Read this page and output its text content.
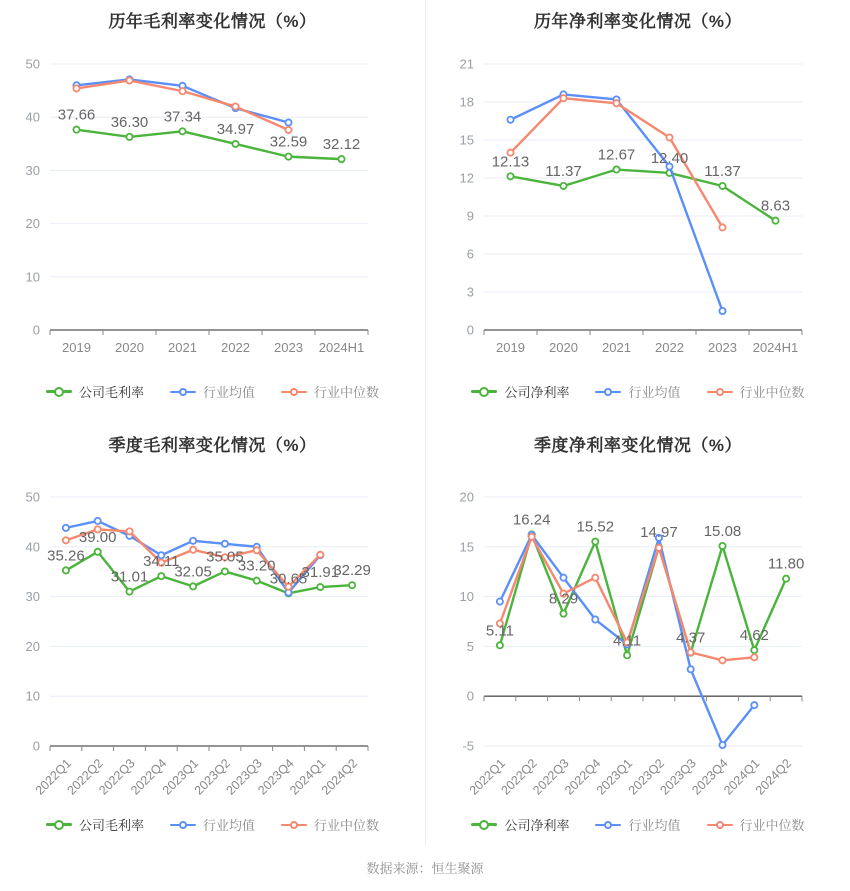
历年毛利率变化情况（%）
0
10
20
30
40
50
2019 2020 2021 2022 2023 2024H1
37.66 36.30 37.34
34.97
32.59 32.12
公司毛利率	行业均值	行业中位数
历年净利率变化情况（%）
0
3
6
9
12
15
18
21
2019 2020 2021 2022 2023 2024H1
12.13
11.37
12.67 12.40
11.37
8.63
公司净利率	行业均值	行业中位数
季度毛利率变化情况（%）
0
10
20
30
40
50
2022Q1
2022Q2
2022Q3
2022Q4
2023Q1
2023Q2
2023Q3
2023Q4
2024Q1
2024Q2
35.26
39.00
31.01
34.11
32.05
35.05
33.20
30.65
31.91
32.29
公司毛利率	行业均值	行业中位数
季度净利率变化情况（%）
-5
0
5
10
15
20
2022Q1
2022Q2
2022Q3
2022Q4
2023Q1
2023Q2
2023Q3
2023Q4
2024Q1
2024Q2
5.11
16.24
8.29
15.52
4.11
14.97
4.37
15.08
4.62
11.80
公司净利率	行业均值	行业中位数
数据来源：恒生聚源
